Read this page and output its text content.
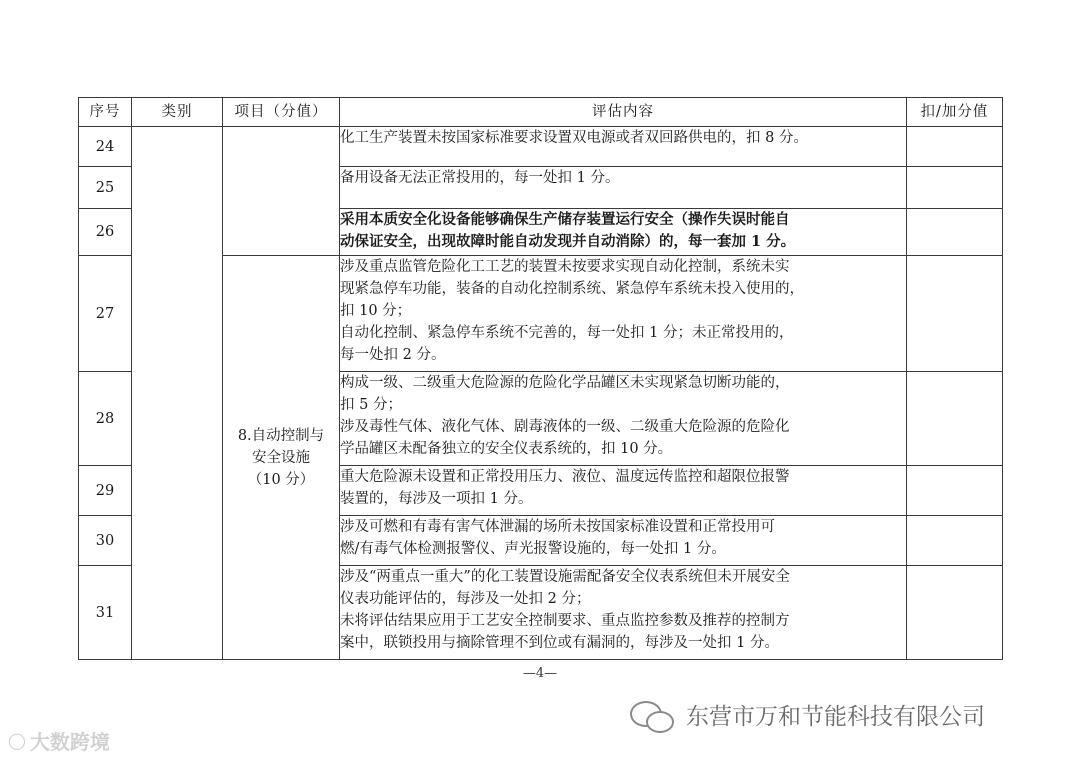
序号	类别	项目（分值）	评估内容	扣/加分值
24			化工生产装置未按国家标准要求设置双电源或者双回路供电的，扣 8 分。	

25			备用设备无法正常投用的，每一处扣 1 分。	

26			采用本质安全化设备能够确保生产储存装置运行安全（操作失误时能自
动保证安全，出现故障时能自动发现并自动消除）的，每一套加 1 分。	

27		8.自动控制与
安全设施
（10 分）	涉及重点监管危险化工工艺的装置未按要求实现自动化控制，系统未实
现紧急停车功能，装备的自动化控制系统、紧急停车系统未投入使用的，
扣 10 分；
自动化控制、紧急停车系统不完善的，每一处扣 1 分；未正常投用的，
每一处扣 2 分。	

28			构成一级、二级重大危险源的危险化学品罐区未实现紧急切断功能的，
扣 5 分；
涉及毒性气体、液化气体、剧毒液体的一级、二级重大危险源的危险化
学品罐区未配备独立的安全仪表系统的，扣 10 分。	

29			重大危险源未设置和正常投用压力、液位、温度远传监控和超限位报警
装置的，每涉及一项扣 1 分。	

30			涉及可燃和有毒有害气体泄漏的场所未按国家标准设置和正常投用可
燃/有毒气体检测报警仪、声光报警设施的，每一处扣 1 分。	

31			涉及“两重点一重大”的化工装置设施需配备安全仪表系统但未开展安全
仪表功能评估的，每涉及一处扣 2 分；
未将评估结果应用于工艺安全控制要求、重点监控参数及推荐的控制方
案中，联锁投用与摘除管理不到位或有漏洞的，每涉及一处扣 1 分。	

—4—
◯ 大数跨境
东营市万和节能科技有限公司
